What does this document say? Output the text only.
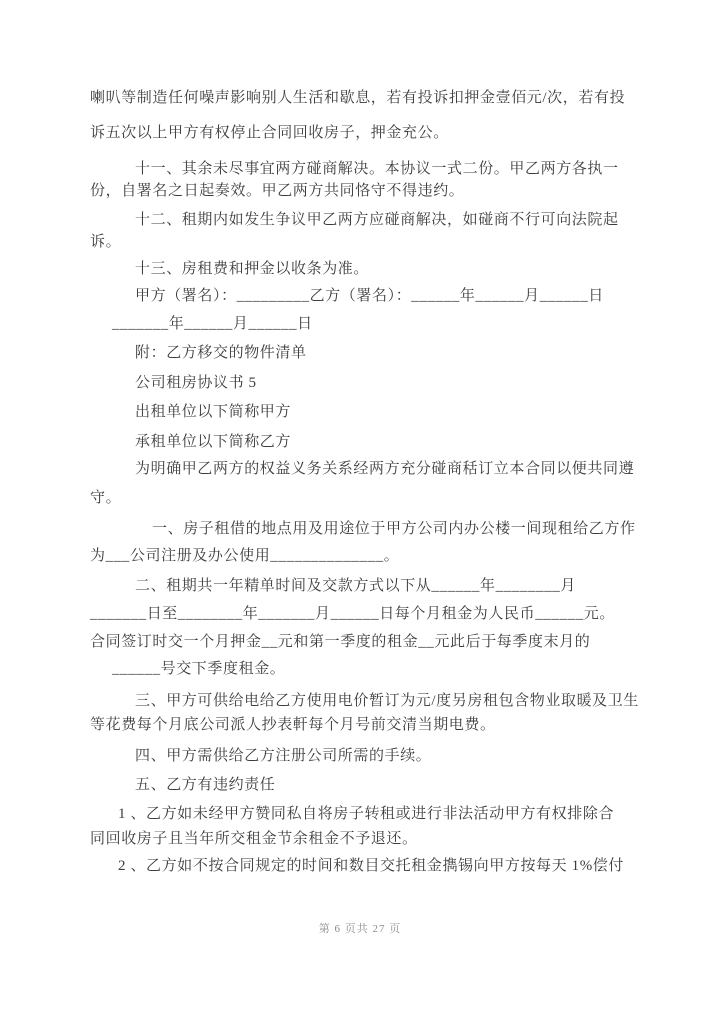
喇叭等制造任何噪声影响别人生活和歇息，若有投诉扣押金壹佰元/次，若有投
诉五次以上甲方有权停止合同回收房子，押金充公。
十一、其余未尽事宜两方碰商解决。本协议一式二份。甲乙两方各执一
份，自署名之日起奏效。甲乙两方共同恪守不得违约。
十二、租期内如发生争议甲乙两方应碰商解决，如碰商不行可向法院起
诉。
十三、房租费和押金以收条为准。
甲方（署名）：_________乙方（署名）：______年______月______日
_______年______月______日
附：乙方移交的物件清单
公司租房协议书 5
出租单位以下简称甲方
承租单位以下简称乙方
为明确甲乙两方的权益义务关系经两方充分碰商秳订立本合同以便共同遵
守。
一、房子租借的地点用及用途位于甲方公司内办公楼一间现租给乙方作
为___公司注册及办公使用______________。
二、租期共一年精单时间及交款方式以下从______年________月
_______日至________年_______月______日每个月租金为人民币______元。
合同签订时交一个月押金__元和第一季度的租金__元此后于每季度末月的
______号交下季度租金。
三、甲方可供给电给乙方使用电价暂订为元/度另房租包含物业取暖及卫生
等花费每个月底公司派人抄表軒每个月号前交清当期电费。
四、甲方需供给乙方注册公司所需的手续。
五、乙方有违约责任
1 、乙方如未经甲方赞同私自将房子转租或进行非法活动甲方有权排除合
同回收房子且当年所交租金节余租金不予退还。
2 、乙方如不按合同规定的时间和数目交托租金擕锡向甲方按每天 1%偿付
第 6 页共 27 页
